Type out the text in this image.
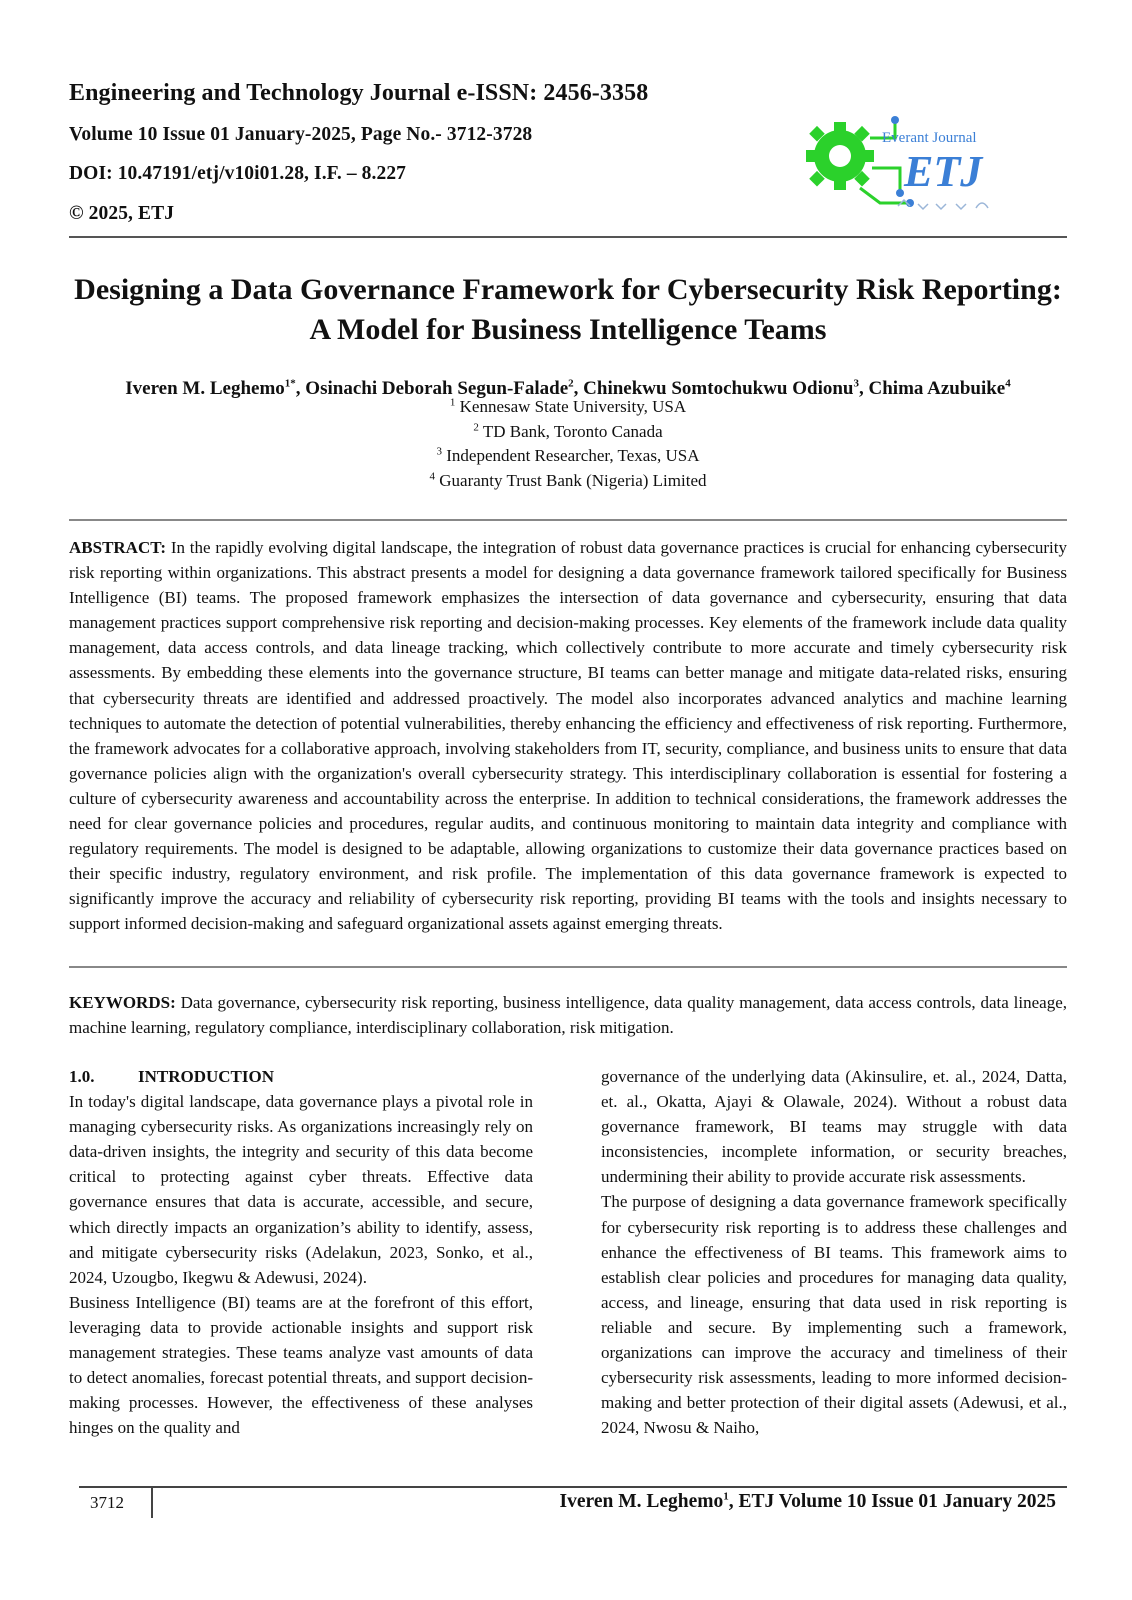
Engineering and Technology Journal e-ISSN: 2456-3358
Volume 10 Issue 01 January-2025, Page No.- 3712-3728
DOI: 10.47191/etj/v10i01.28, I.F. – 8.227
© 2025, ETJ
Everant Journal
ETJ
Designing a Data Governance Framework for Cybersecurity Risk Reporting: A Model for Business Intelligence Teams
Iveren M. Leghemo$^{1*}$, Osinachi Deborah Segun-Falade$^2$, Chinekwu Somtochukwu Odionu$^3$, Chima Azubuike$^4$
$^1$ Kennesaw State University, USA
$^2$ TD Bank, Toronto Canada
$^3$ Independent Researcher, Texas, USA
$^4$ Guaranty Trust Bank (Nigeria) Limited
ABSTRACT: In the rapidly evolving digital landscape, the integration of robust data governance practices is crucial for enhancing cybersecurity risk reporting within organizations. This abstract presents a model for designing a data governance framework tailored specifically for Business Intelligence (BI) teams. The proposed framework emphasizes the intersection of data governance and cybersecurity, ensuring that data management practices support comprehensive risk reporting and decision-making processes. Key elements of the framework include data quality management, data access controls, and data lineage tracking, which collectively contribute to more accurate and timely cybersecurity risk assessments. By embedding these elements into the governance structure, BI teams can better manage and mitigate data-related risks, ensuring that cybersecurity threats are identified and addressed proactively. The model also incorporates advanced analytics and machine learning techniques to automate the detection of potential vulnerabilities, thereby enhancing the efficiency and effectiveness of risk reporting. Furthermore, the framework advocates for a collaborative approach, involving stakeholders from IT, security, compliance, and business units to ensure that data governance policies align with the organization's overall cybersecurity strategy. This interdisciplinary collaboration is essential for fostering a culture of cybersecurity awareness and accountability across the enterprise. In addition to technical considerations, the framework addresses the need for clear governance policies and procedures, regular audits, and continuous monitoring to maintain data integrity and compliance with regulatory requirements. The model is designed to be adaptable, allowing organizations to customize their data governance practices based on their specific industry, regulatory environment, and risk profile. The implementation of this data governance framework is expected to significantly improve the accuracy and reliability of cybersecurity risk reporting, providing BI teams with the tools and insights necessary to support informed decision-making and safeguard organizational assets against emerging threats.
KEYWORDS: Data governance, cybersecurity risk reporting, business intelligence, data quality management, data access controls, data lineage, machine learning, regulatory compliance, interdisciplinary collaboration, risk mitigation.
1.0.	INTRODUCTION

In today's digital landscape, data governance plays a pivotal role in managing cybersecurity risks. As organizations increasingly rely on data-driven insights, the integrity and security of this data become critical to protecting against cyber threats. Effective data governance ensures that data is accurate, accessible, and secure, which directly impacts an organization’s ability to identify, assess, and mitigate cybersecurity risks (Adelakun, 2023, Sonko, et al., 2024, Uzougbo, Ikegwu & Adewusi, 2024).

Business Intelligence (BI) teams are at the forefront of this effort, leveraging data to provide actionable insights and support risk management strategies. These teams analyze vast amounts of data to detect anomalies, forecast potential threats, and support decision-making processes. However, the effectiveness of these analyses hinges on the quality and

governance of the underlying data (Akinsulire, et. al., 2024, Datta, et. al., Okatta, Ajayi & Olawale, 2024). Without a robust data governance framework, BI teams may struggle with data inconsistencies, incomplete information, or security breaches, undermining their ability to provide accurate risk assessments.

The purpose of designing a data governance framework specifically for cybersecurity risk reporting is to address these challenges and enhance the effectiveness of BI teams. This framework aims to establish clear policies and procedures for managing data quality, access, and lineage, ensuring that data used in risk reporting is reliable and secure. By implementing such a framework, organizations can improve the accuracy and timeliness of their cybersecurity risk assessments, leading to more informed decision-making and better protection of their digital assets (Adewusi, et al., 2024, Nwosu & Naiho,

3712	Iveren M. Leghemo$^1$, ETJ Volume 10 Issue 01 January 2025
